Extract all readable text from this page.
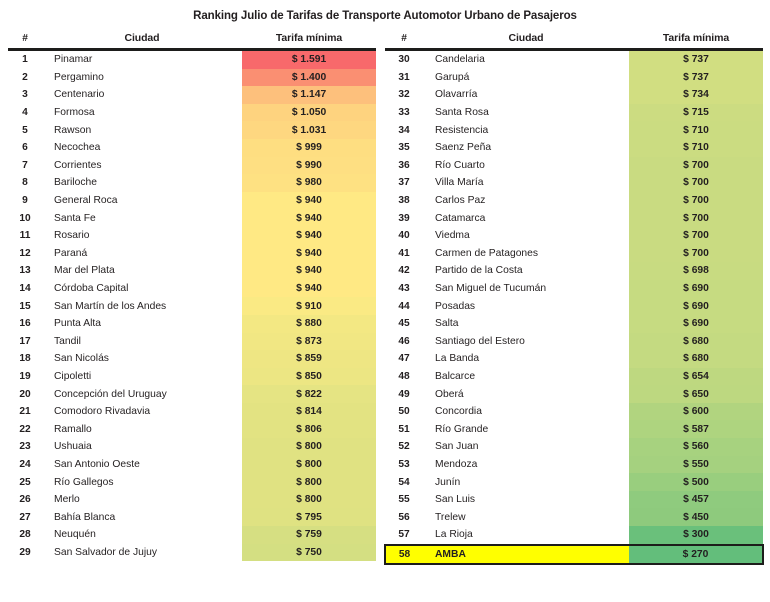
Ranking Julio de Tarifas de Transporte Automotor Urbano de Pasajeros
#	Ciudad	Tarifa mínima

1	Pinamar	$ 1.591
2	Pergamino	$ 1.400
3	Centenario	$ 1.147
4	Formosa	$ 1.050
5	Rawson	$ 1.031
6	Necochea	$ 999
7	Corrientes	$ 990
8	Bariloche	$ 980
9	General Roca	$ 940
10	Santa Fe	$ 940
11	Rosario	$ 940
12	Paraná	$ 940
13	Mar del Plata	$ 940
14	Córdoba Capital	$ 940
15	San Martín de los Andes	$ 910
16	Punta Alta	$ 880
17	Tandil	$ 873
18	San Nicolás	$ 859
19	Cipoletti	$ 850
20	Concepción del Uruguay	$ 822
21	Comodoro Rivadavia	$ 814
22	Ramallo	$ 806
23	Ushuaia	$ 800
24	San Antonio Oeste	$ 800
25	Río Gallegos	$ 800
26	Merlo	$ 800
27	Bahía Blanca	$ 795
28	Neuquén	$ 759
29	San Salvador de Jujuy	$ 750
#	Ciudad	Tarifa mínima

30	Candelaria	$ 737
31	Garupá	$ 737
32	Olavarría	$ 734
33	Santa Rosa	$ 715
34	Resistencia	$ 710
35	Saenz Peña	$ 710
36	Río Cuarto	$ 700
37	Villa María	$ 700
38	Carlos Paz	$ 700
39	Catamarca	$ 700
40	Viedma	$ 700
41	Carmen de Patagones	$ 700
42	Partido de la Costa	$ 698
43	San Miguel de Tucumán	$ 690
44	Posadas	$ 690
45	Salta	$ 690
46	Santiago del Estero	$ 680
47	La Banda	$ 680
48	Balcarce	$ 654
49	Oberá	$ 650
50	Concordia	$ 600
51	Río Grande	$ 587
52	San Juan	$ 560
53	Mendoza	$ 550
54	Junín	$ 500
55	San Luis	$ 457
56	Trelew	$ 450
57	La Rioja	$ 300
58	AMBA	$ 270
